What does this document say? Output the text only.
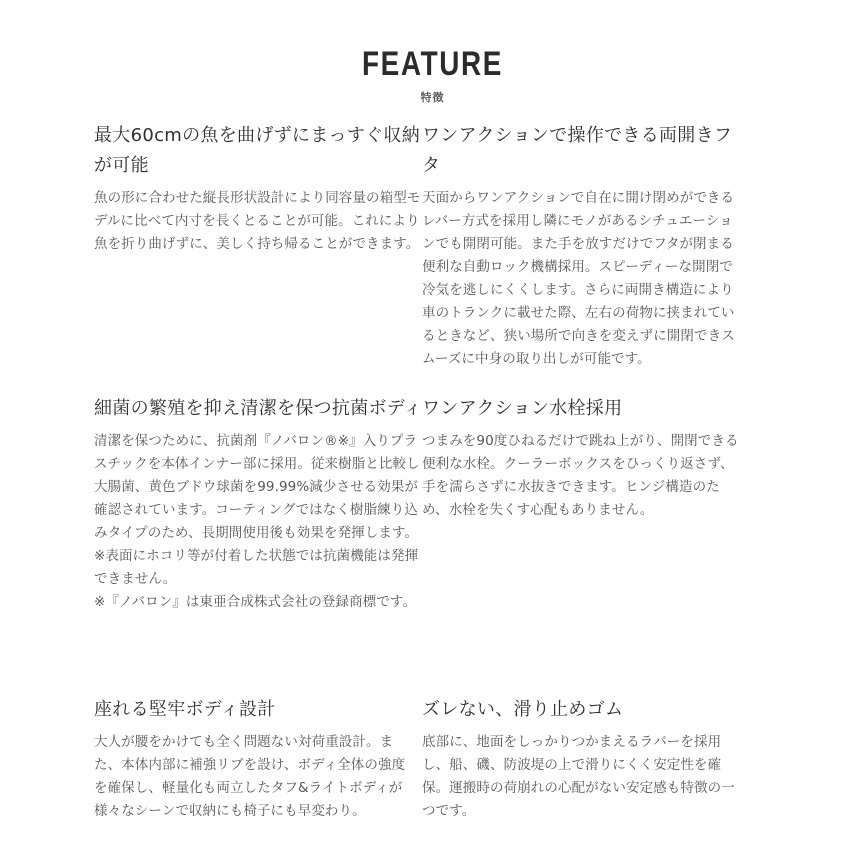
FEATURE
特徴
最大60cmの魚を曲げずにまっすぐ収納が可能

魚の形に合わせた縦長形状設計により同容量の箱型モデルに比べて内寸を長くとることが可能。これにより魚を折り曲げずに、美しく持ち帰ることができます。

ワンアクションで操作できる両開きフタ

天面からワンアクションで自在に開け閉めができるレバー方式を採用し隣にモノがあるシチュエーションでも開閉可能。また手を放すだけでフタが閉まる便利な自動ロック機構採用。スピーディーな開閉で冷気を逃しにくくします。さらに両開き構造により車のトランクに載せた際、左右の荷物に挟まれているときなど、狭い場所で向きを変えずに開閉できスムーズに中身の取り出しが可能です。

細菌の繁殖を抑え清潔を保つ抗菌ボディ

清潔を保つために、抗菌剤『ノバロン®※』入りプラスチックを本体インナー部に採用。従来樹脂と比較し大腸菌、黄色ブドウ球菌を99.99%減少させる効果が確認されています。コーティングではなく樹脂練り込みタイプのため、長期間使用後も効果を発揮します。

※表面にホコリ等が付着した状態では抗菌機能は発揮できません。

※『ノバロン』は東亜合成株式会社の登録商標です。

ワンアクション水栓採用

つまみを90度ひねるだけで跳ね上がり、開閉できる便利な水栓。クーラーボックスをひっくり返さず、手を濡らさずに水抜きできます。ヒンジ構造のため、水栓を失くす心配もありません。

座れる堅牢ボディ設計

大人が腰をかけても全く問題ない対荷重設計。また、本体内部に補強リブを設け、ボディ全体の強度を確保し、軽量化も両立したタフ&ライトボディが様々なシーンで収納にも椅子にも早変わり。

ズレない、滑り止めゴム

底部に、地面をしっかりつかまえるラバーを採用し、船、磯、防波堤の上で滑りにくく安定性を確保。運搬時の荷崩れの心配がない安定感も特徴の一つです。
